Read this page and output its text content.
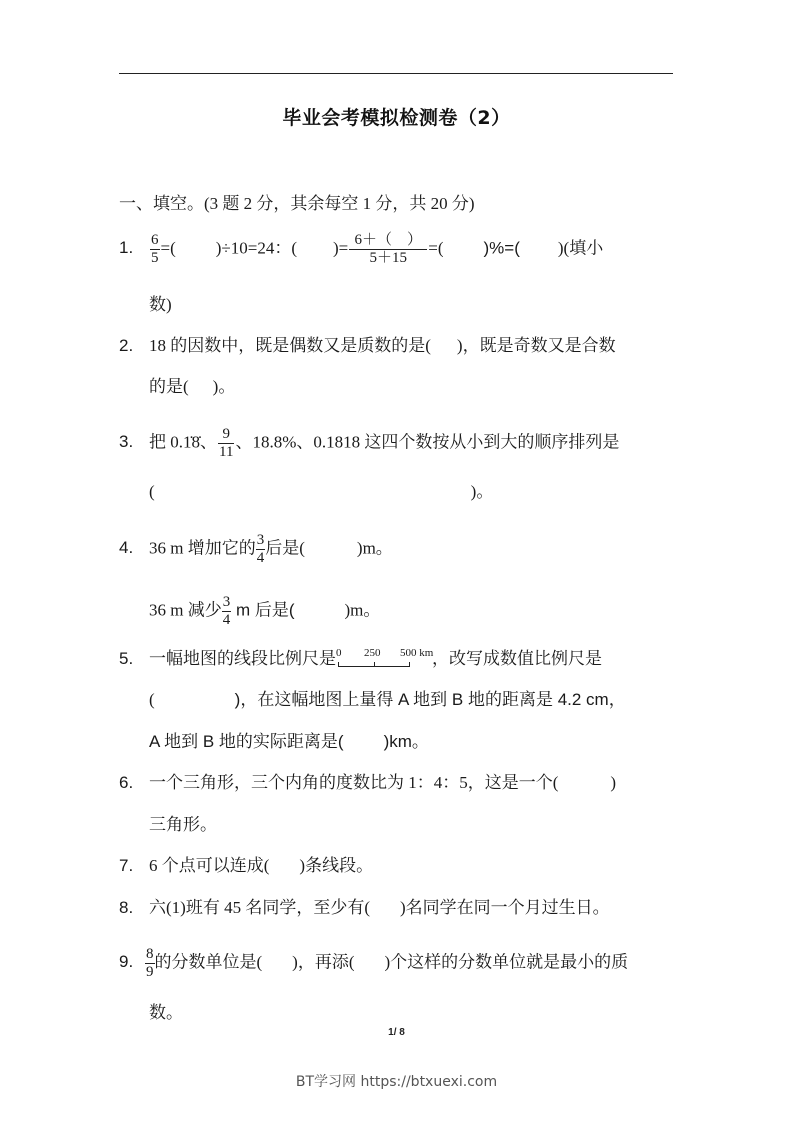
毕业会考模拟检测卷（2）
一、填空。(3 题 2 分，其余每空 1 分，共 20 分)
1. $\frac{6}{5}$ =( )÷10=24：( )= $\frac{6+( )}{5+15}$ =( )%=( )(填小
数)
2. 18 的因数中，既是偶数又是质数的是( )，既是奇数又是合数
的是( )。
3. 把 0.1̇8̇、 $\frac{9}{11}$ 、18.8%、0.1818 这四个数按从小到大的顺序排列是
(	)。
4. 36 m 增加它的 $\frac{3}{4}$ 后是(	)m。
36 m 减少 $\frac{3}{4}$ m 后是(	)m。
5. 一幅地图的线段比例尺是 0 250 500 km
，改写成数值比例尺是
(	)，在这幅地图上量得 A 地到 B 地的距离是 4.2 cm，
A 地到 B 地的实际距离是( )km。
6. 一个三角形，三个内角的度数比为 1：4：5，这是一个(	)
三角形。
7. 6 个点可以连成( )条线段。
8. 六(1)班有 45 名同学，至少有( )名同学在同一个月过生日。
9. $\frac{8}{9}$ 的分数单位是( )，再添( )个这样的分数单位就是最小的质
数。
1/ 8
BT学习网 https://btxuexi.com
